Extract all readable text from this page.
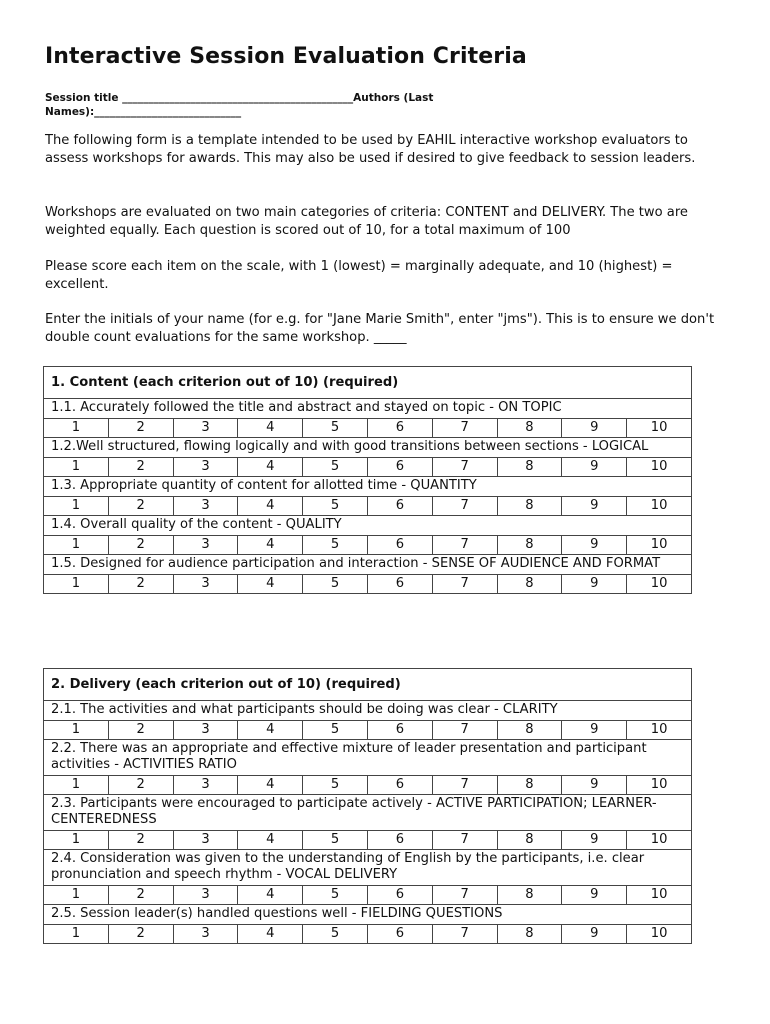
Interactive Session Evaluation Criteria
Session title ____________________________________________Authors (Last Names):____________________________

The following form is a template intended to be used by EAHIL interactive workshop evaluators to assess workshops for awards. This may also be used if desired to give feedback to session leaders.

Workshops are evaluated on two main categories of criteria: CONTENT and DELIVERY. The two are weighted equally. Each question is scored out of 10, for a total maximum of 100

Please score each item on the scale, with 1 (lowest) = marginally adequate, and 10 (highest) = excellent.

Enter the initials of your name (for e.g. for "Jane Marie Smith", enter "jms"). This is to ensure we don't double count evaluations for the same workshop. _____

1. Content (each criterion out of 10) (required)									
1.1. Accurately followed the title and abstract and stayed on topic - ON TOPIC									
1	2	3	4	5	6	7	8	9	10
1.2.Well structured, flowing logically and with good transitions between sections - LOGICAL									
1	2	3	4	5	6	7	8	9	10
1.3. Appropriate quantity of content for allotted time - QUANTITY									
1	2	3	4	5	6	7	8	9	10
1.4. Overall quality of the content - QUALITY									
1	2	3	4	5	6	7	8	9	10
1.5. Designed for audience participation and interaction - SENSE OF AUDIENCE AND FORMAT									
1	2	3	4	5	6	7	8	9	10
2. Delivery (each criterion out of 10) (required)									
2.1. The activities and what participants should be doing was clear - CLARITY									
1	2	3	4	5	6	7	8	9	10
2.2. There was an appropriate and effective mixture of leader presentation and participant activities - ACTIVITIES RATIO									
1	2	3	4	5	6	7	8	9	10
2.3. Participants were encouraged to participate actively - ACTIVE PARTICIPATION; LEARNER- CENTEREDNESS									
1	2	3	4	5	6	7	8	9	10
2.4. Consideration was given to the understanding of English by the participants, i.e. clear pronunciation and speech rhythm - VOCAL DELIVERY									
1	2	3	4	5	6	7	8	9	10
2.5. Session leader(s) handled questions well - FIELDING QUESTIONS									
1	2	3	4	5	6	7	8	9	10
